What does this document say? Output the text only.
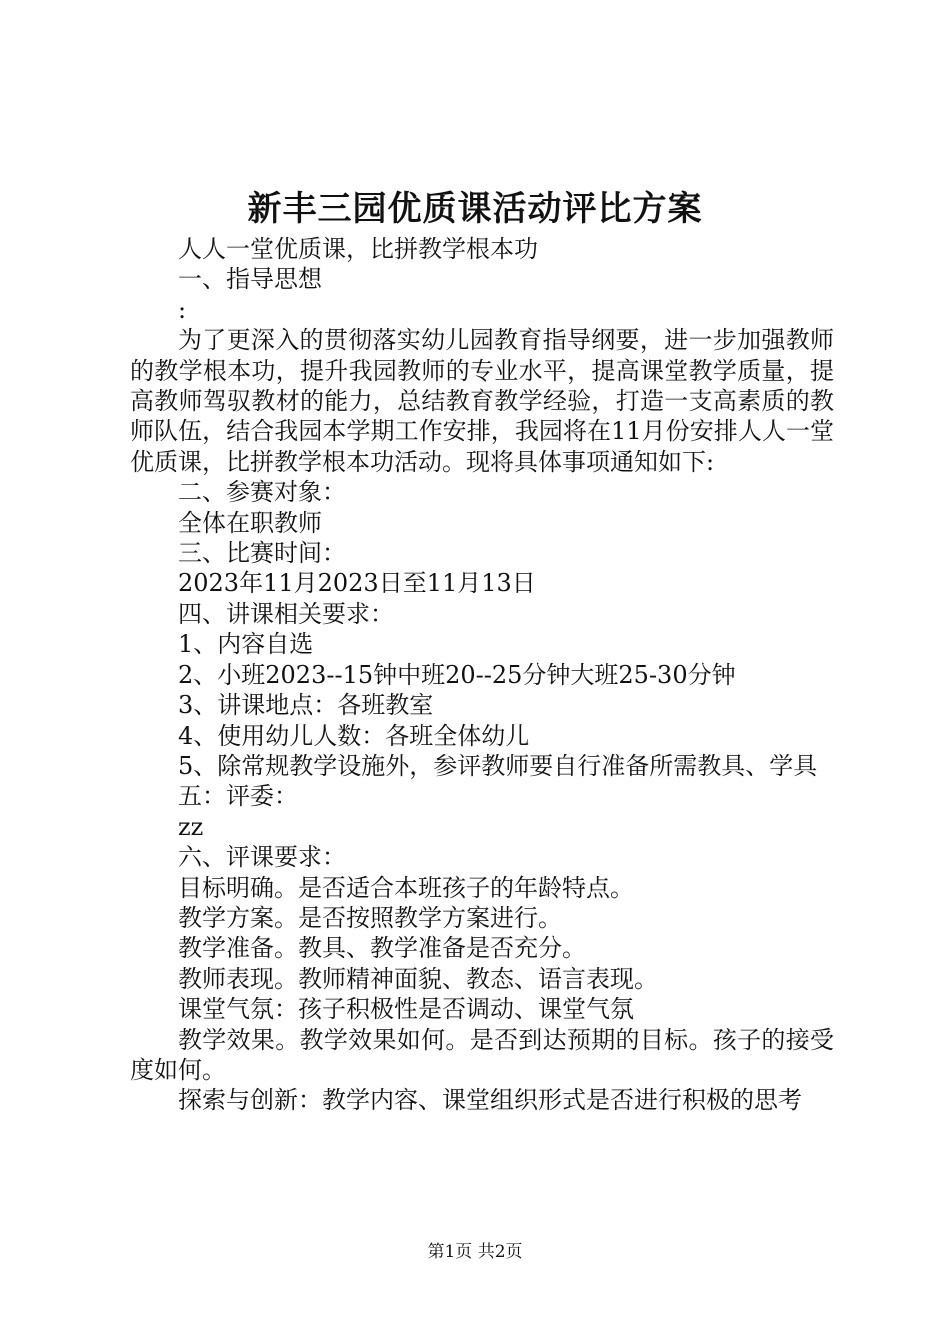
新丰三园优质课活动评比方案

人人一堂优质课，比拼教学根本功

一、指导思想

:

为了更深入的贯彻落实幼儿园教育指导纲要，进一步加强教师的教学根本功，提升我园教师的专业水平，提高课堂教学质量，提高教师驾驭教材的能力，总结教育教学经验，打造一支高素质的教师队伍，结合我园本学期工作安排，我园将在11月份安排人人一堂优质课，比拼教学根本功活动。现将具体事项通知如下:

二、参赛对象：

全体在职教师

三、比赛时间：

2023年11月2023日至11月13日

四、讲课相关要求：

1、内容自选

2、小班2023--15钟中班20--25分钟大班25-30分钟

3、讲课地点：各班教室

4、使用幼儿人数：各班全体幼儿

5、除常规教学设施外，参评教师要自行准备所需教具、学具

五：评委：

zz

六、评课要求：

目标明确。是否适合本班孩子的年龄特点。

教学方案。是否按照教学方案进行。

教学准备。教具、教学准备是否充分。

教师表现。教师精神面貌、教态、语言表现。

课堂气氛：孩子积极性是否调动、课堂气氛

教学效果。教学效果如何。是否到达预期的目标。孩子的接受度如何。

探索与创新：教学内容、课堂组织形式是否进行积极的思考

第1页 共2页
